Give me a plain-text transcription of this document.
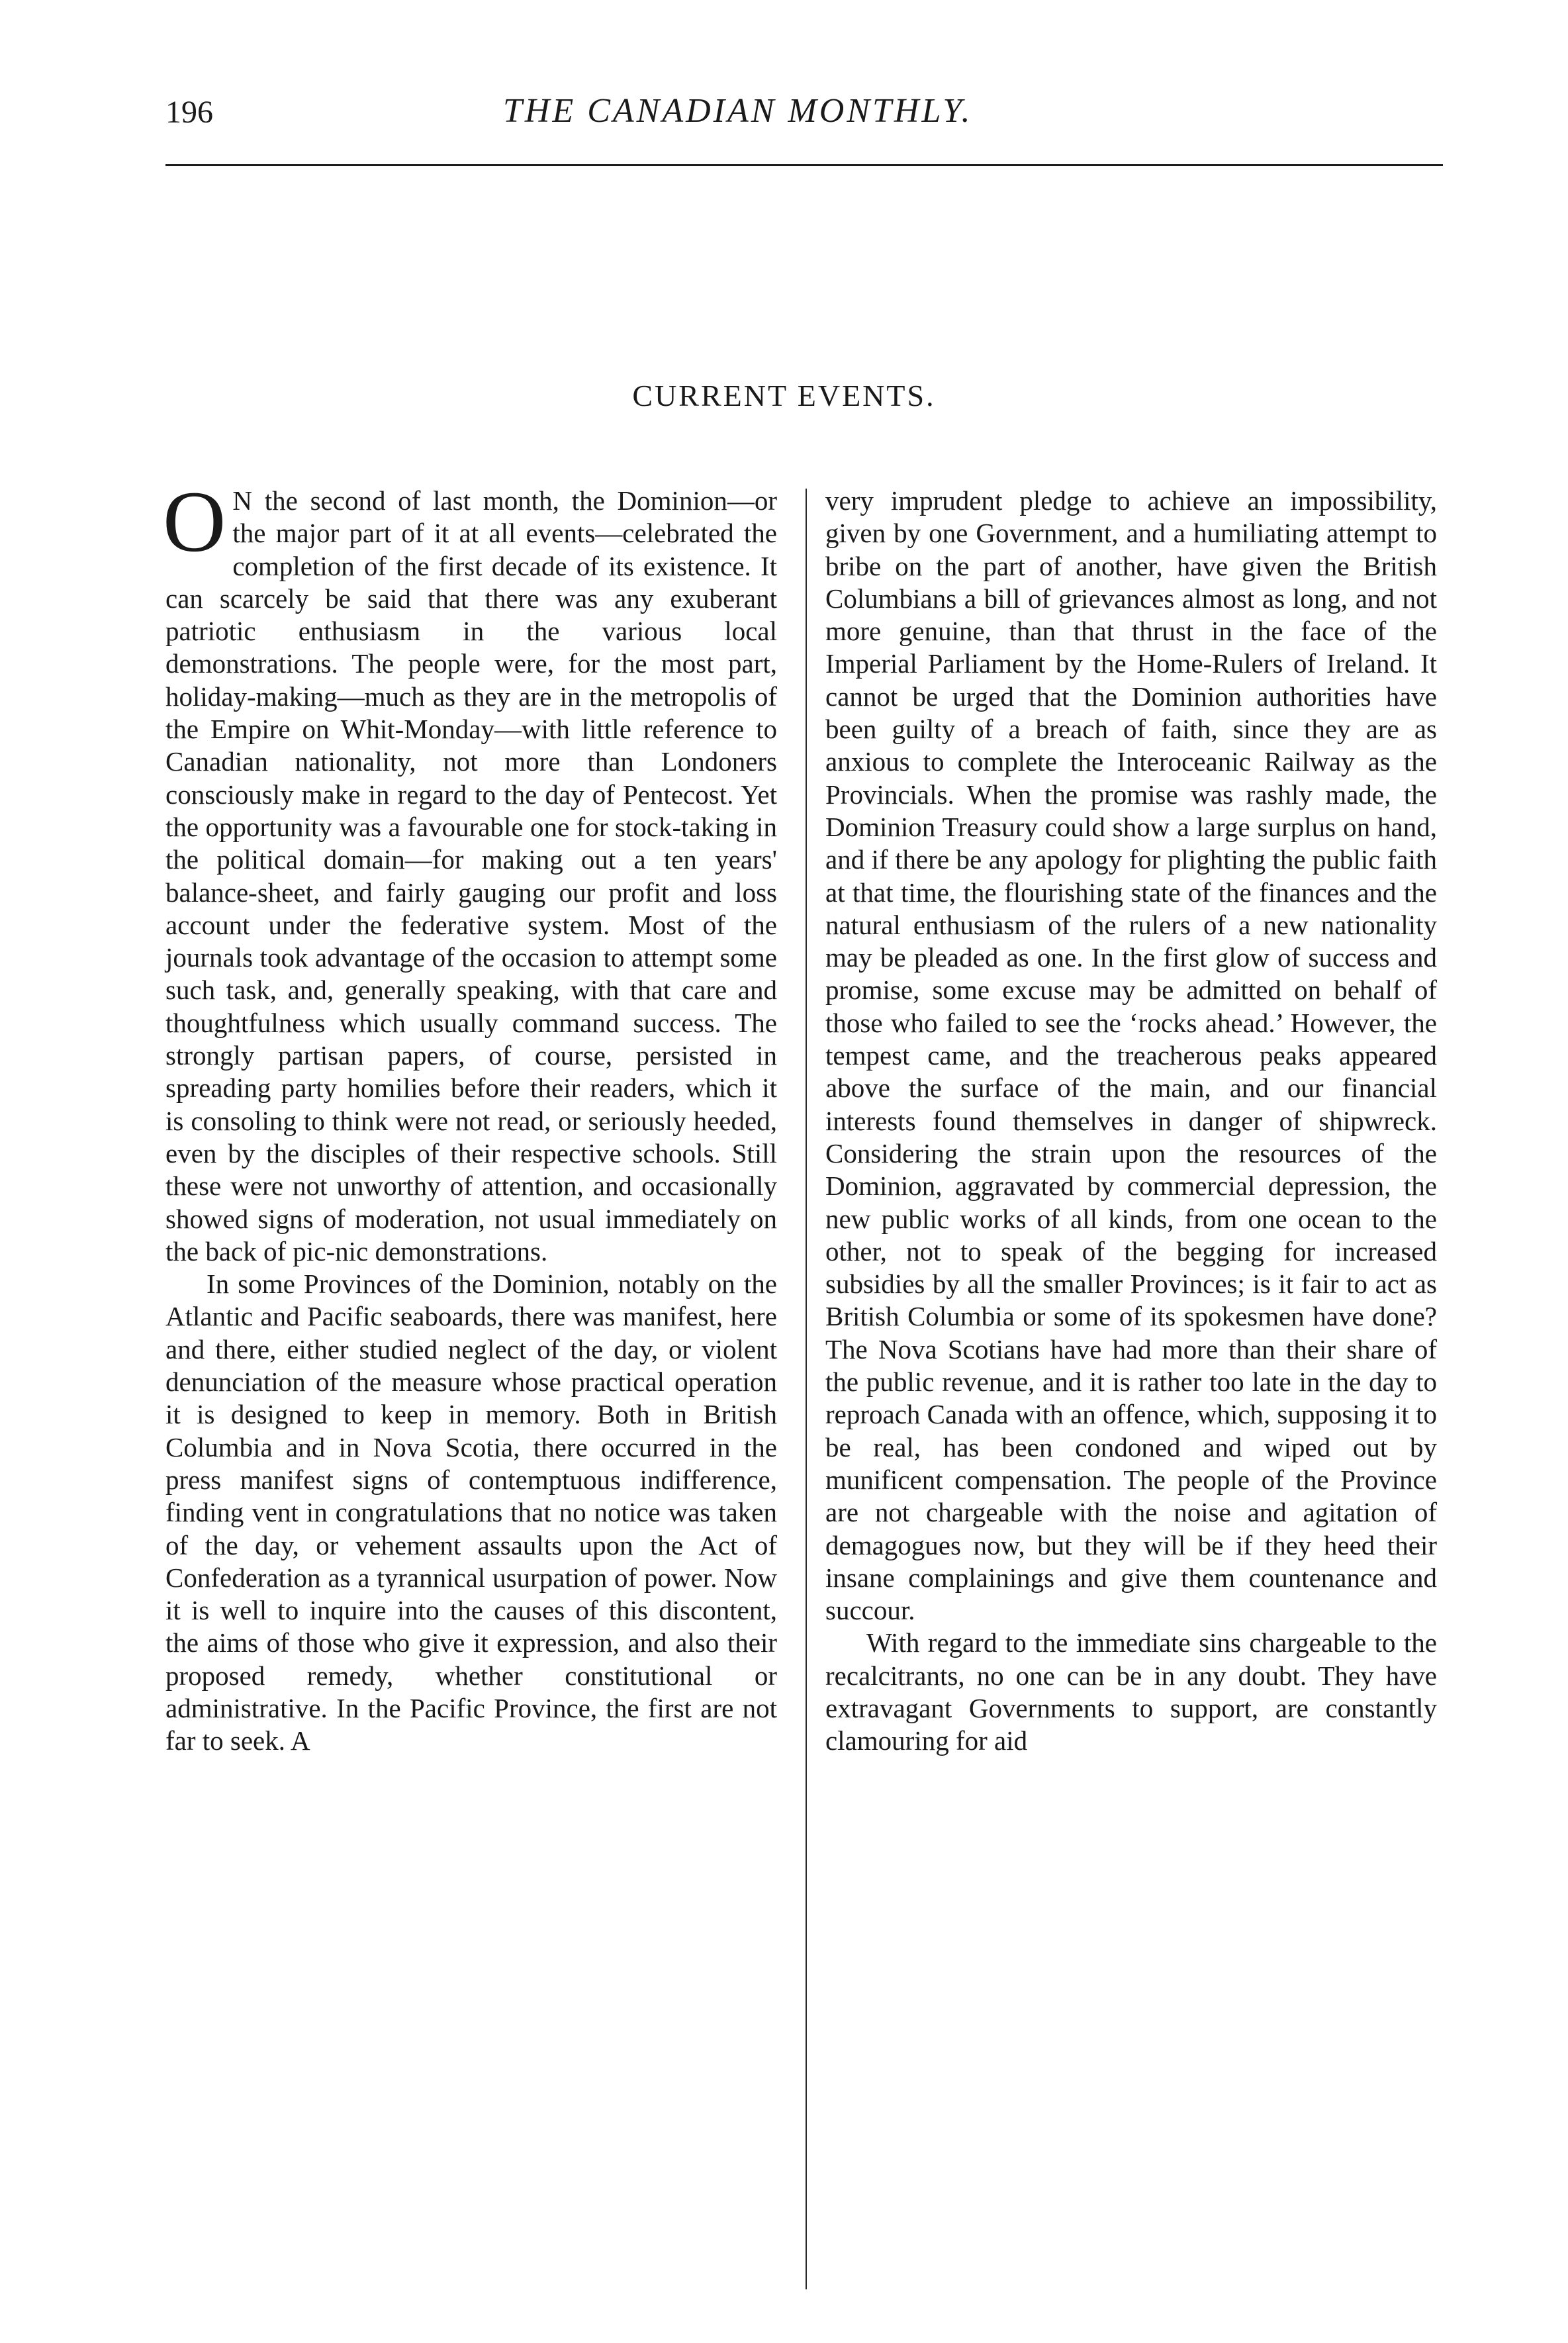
196	THE CANADIAN MONTHLY.
CURRENT EVENTS.

O N the second of last month, the Dominion—or the major part of it at all events—celebrated the completion of the first decade of its existence. It can scarcely be said that there was any exuberant patriotic enthusiasm in the various local demonstrations. The people were, for the most part, holiday-making—much as they are in the metropolis of the Empire on Whit-Monday—with little reference to Canadian nationality, not more than Londoners consciously make in regard to the day of Pentecost. Yet the opportunity was a favourable one for stock-taking in the political domain—for making out a ten years' balance-sheet, and fairly gauging our profit and loss account under the federative system. Most of the journals took advantage of the occasion to attempt some such task, and, generally speaking, with that care and thoughtfulness which usually command success. The strongly partisan papers, of course, persisted in spreading party homilies before their readers, which it is consoling to think were not read, or seriously heeded, even by the disciples of their respective schools. Still these were not unworthy of attention, and occasionally showed signs of moderation, not usual immediately on the back of pic-nic demonstrations.

In some Provinces of the Dominion, notably on the Atlantic and Pacific seaboards, there was manifest, here and there, either studied neglect of the day, or violent denunciation of the measure whose practical operation it is designed to keep in memory. Both in British Columbia and in Nova Scotia, there occurred in the press manifest signs of contemptuous indifference, finding vent in congratulations that no notice was taken of the day, or vehement assaults upon the Act of Confederation as a tyrannical usurpation of power. Now it is well to inquire into the causes of this discontent, the aims of those who give it expression, and also their proposed remedy, whether constitutional or administrative. In the Pacific Province, the first are not far to seek. A

very imprudent pledge to achieve an impossibility, given by one Government, and a humiliating attempt to bribe on the part of another, have given the British Columbians a bill of grievances almost as long, and not more genuine, than that thrust in the face of the Imperial Parliament by the Home-Rulers of Ireland. It cannot be urged that the Dominion authorities have been guilty of a breach of faith, since they are as anxious to complete the Interoceanic Railway as the Provincials. When the promise was rashly made, the Dominion Treasury could show a large surplus on hand, and if there be any apology for plighting the public faith at that time, the flourishing state of the finances and the natural enthusiasm of the rulers of a new nationality may be pleaded as one. In the first glow of success and promise, some excuse may be admitted on behalf of those who failed to see the ‘rocks ahead.’ However, the tempest came, and the treacherous peaks appeared above the surface of the main, and our financial interests found themselves in danger of shipwreck. Considering the strain upon the resources of the Dominion, aggravated by commercial depression, the new public works of all kinds, from one ocean to the other, not to speak of the begging for increased subsidies by all the smaller Provinces; is it fair to act as British Columbia or some of its spokesmen have done? The Nova Scotians have had more than their share of the public revenue, and it is rather too late in the day to reproach Canada with an offence, which, supposing it to be real, has been condoned and wiped out by munificent compensation. The people of the Province are not chargeable with the noise and agitation of demagogues now, but they will be if they heed their insane complainings and give them countenance and succour.

With regard to the immediate sins chargeable to the recalcitrants, no one can be in any doubt. They have extravagant Governments to support, are constantly clamouring for aid
